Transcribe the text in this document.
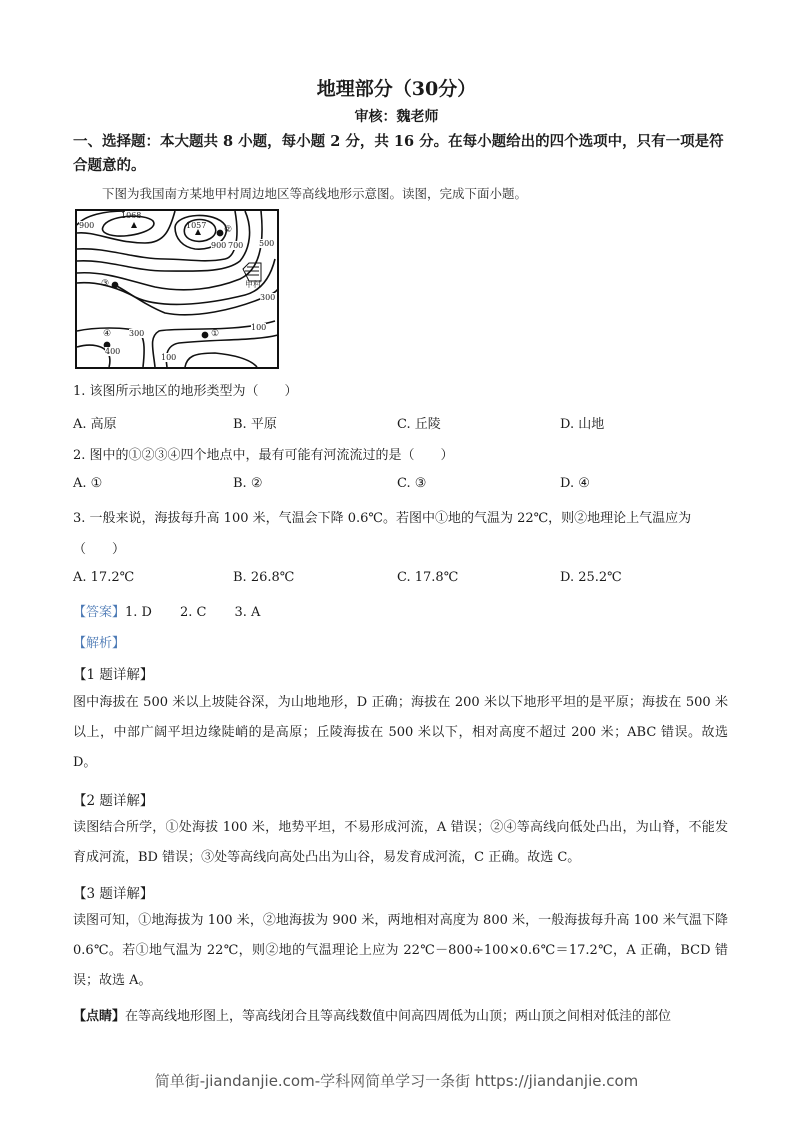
地理部分（30分）
审核：魏老师
一、选择题：本大题共 8 小题，每小题 2 分，共 16 分。在每小题给出的四个选项中，只有一项是符合题意的。
下图为我国南方某地甲村周边地区等高线地形示意图。读图，完成下面小题。
1068
1057
900
900 700 500
300
300
100
100
400
①
②
③
④
甲村
1. 该图所示地区的地形类型为（　　）
A. 高原	B. 平原	C. 丘陵	D. 山地
2. 图中的①②③④四个地点中，最有可能有河流流过的是（　　）
A. ①	B. ②	C. ③	D. ④
3. 一般来说，海拔每升高 100 米，气温会下降 0.6℃。若图中①地的气温为 22℃，则②地理论上气温应为
（　　）
A. 17.2℃	B. 26.8℃	C. 17.8℃	D. 25.2℃
【答案】1. D 2. C 3. A
【解析】
【1 题详解】
图中海拔在 500 米以上坡陡谷深，为山地地形，D 正确；海拔在 200 米以下地形平坦的是平原；海拔在 500 米以上，中部广阔平坦边缘陡峭的是高原；丘陵海拔在 500 米以下，相对高度不超过 200 米；ABC 错误。故选 D。
【2 题详解】
读图结合所学，①处海拔 100 米，地势平坦，不易形成河流，A 错误；②④等高线向低处凸出，为山脊，不能发育成河流，BD 错误；③处等高线向高处凸出为山谷，易发育成河流，C 正确。故选 C。
【3 题详解】
读图可知，①地海拔为 100 米，②地海拔为 900 米，两地相对高度为 800 米，一般海拔每升高 100 米气温下降 0.6℃。若①地气温为 22℃，则②地的气温理论上应为 22℃－800÷100×0.6℃＝17.2℃，A 正确，BCD 错误；故选 A。
【点睛】在等高线地形图上，等高线闭合且等高线数值中间高四周低为山顶；两山顶之间相对低洼的部位
简单街-jiandanjie.com-学科网简单学习一条街 https://jiandanjie.com
